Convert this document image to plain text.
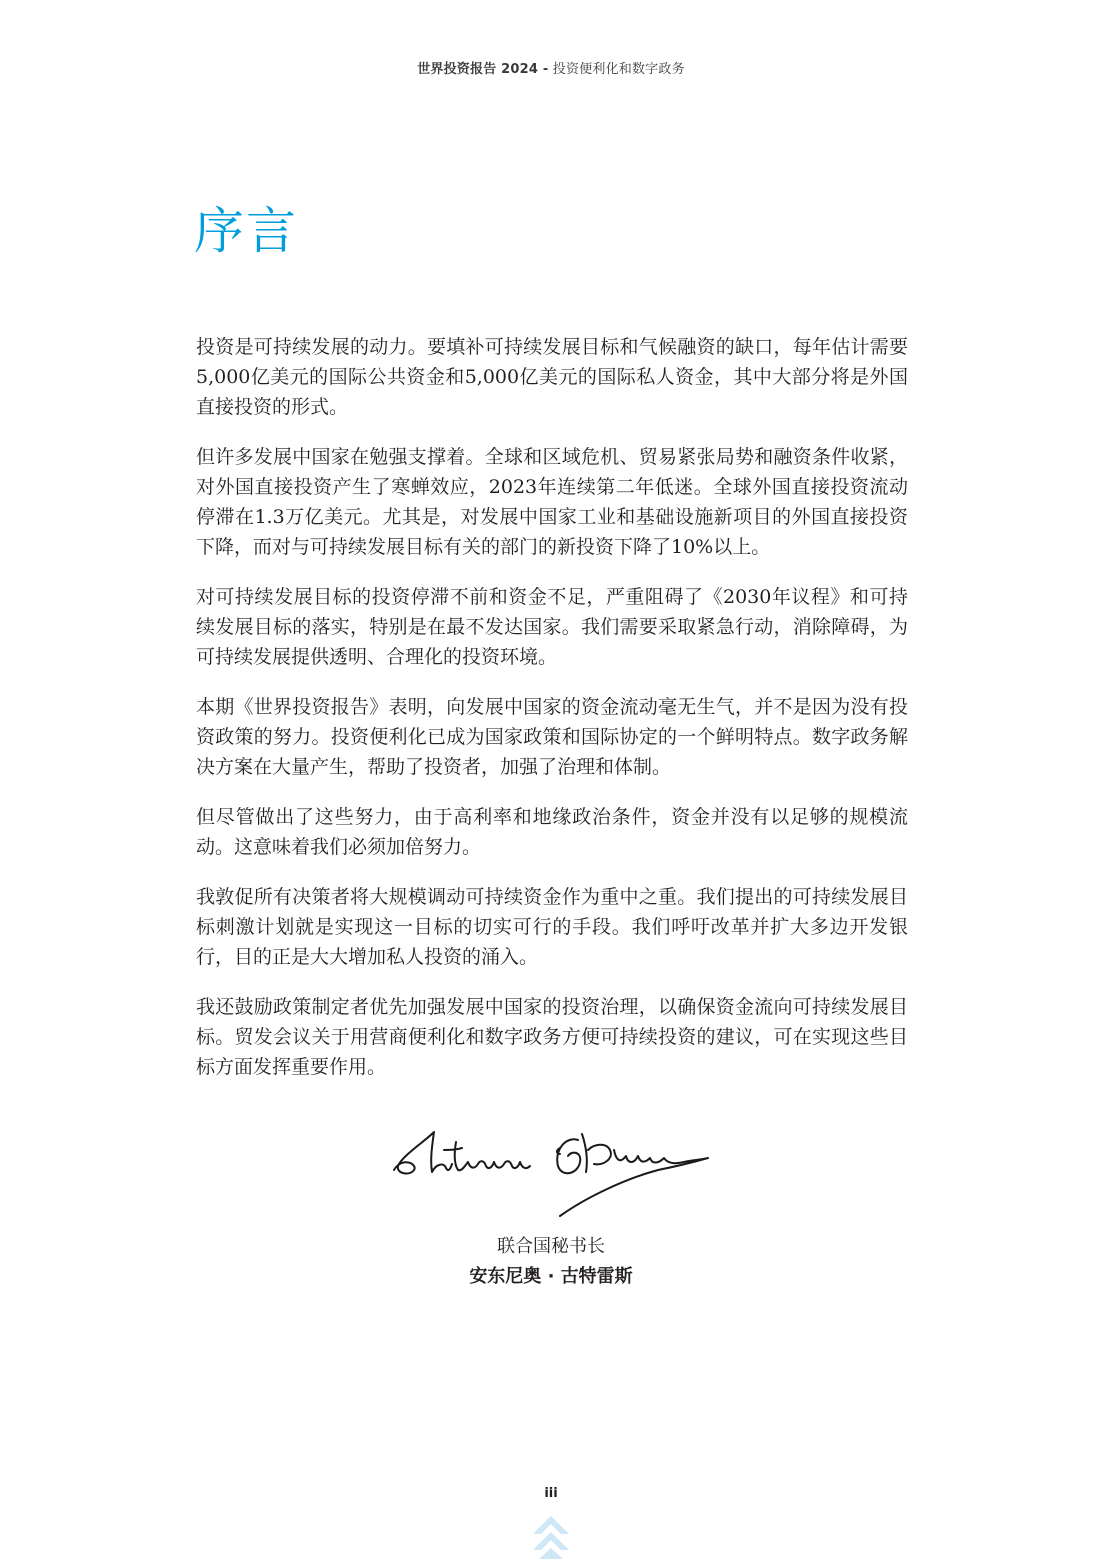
世界投资报告 2024 - 投资便利化和数字政务
序言

投资是可持续发展的动力。要填补可持续发展目标和气候融资的缺口，每年估计需要5,000亿美元的国际公共资金和5,000亿美元的国际私人资金，其中大部分将是外国直接投资的形式。

但许多发展中国家在勉强支撑着。全球和区域危机、贸易紧张局势和融资条件收紧，对外国直接投资产生了寒蝉效应，2023年连续第二年低迷。全球外国直接投资流动停滞在1.3万亿美元。尤其是，对发展中国家工业和基础设施新项目的外国直接投资下降，而对与可持续发展目标有关的部门的新投资下降了10%以上。

对可持续发展目标的投资停滞不前和资金不足，严重阻碍了《2030年议程》和可持续发展目标的落实，特别是在最不发达国家。我们需要采取紧急行动，消除障碍，为可持续发展提供透明、合理化的投资环境。

本期《世界投资报告》表明，向发展中国家的资金流动毫无生气，并不是因为没有投资政策的努力。投资便利化已成为国家政策和国际协定的一个鲜明特点。数字政务解决方案在大量产生，帮助了投资者，加强了治理和体制。

但尽管做出了这些努力，由于高利率和地缘政治条件，资金并没有以足够的规模流动。这意味着我们必须加倍努力。

我敦促所有决策者将大规模调动可持续资金作为重中之重。我们提出的可持续发展目标刺激计划就是实现这一目标的切实可行的手段。我们呼吁改革并扩大多边开发银行，目的正是大大增加私人投资的涌入。

我还鼓励政策制定者优先加强发展中国家的投资治理，以确保资金流向可持续发展目标。贸发会议关于用营商便利化和数字政务方便可持续投资的建议，可在实现这些目标方面发挥重要作用。

联合国秘书长
安东尼奥 · 古特雷斯
iii
